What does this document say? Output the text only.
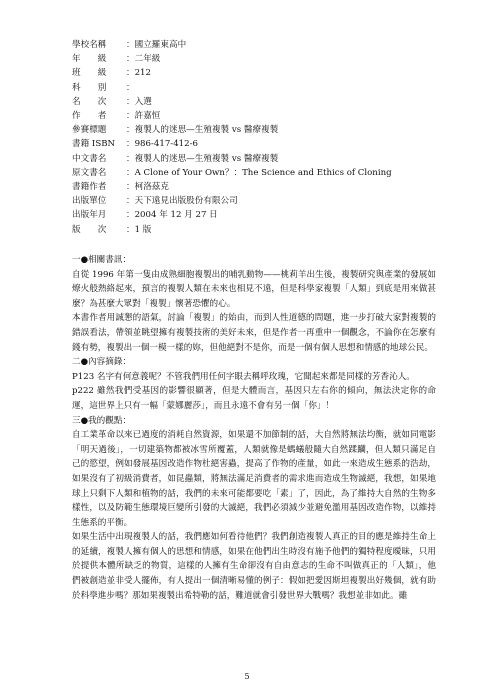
學校名稱	：國立羅東高中
年　　級	：二年級
班　　級	：212
科　　別	：
名　　次	：入選
作　　者	：許嘉恒
參賽標題	：複製人的迷思—生殖複製 vs 醫療複製
書籍 ISBN	：986-417-412-6
中文書名	：複製人的迷思—生殖複製 vs 醫療複製
原文書名	：A Clone of Your Own？：The Science and Ethics of Cloning
書籍作者	：柯洛茲克
出版單位	：天下遠見出版股份有限公司
出版年月	：2004 年 12 月 27 日
版　　次	：1 版
一●相關書訊：

自從 1996 年第一隻由成熟細胞複製出的哺乳動物——桃莉羊出生後，複製研究與產業的發展如燎火般熱絡起來，預言的複製人類在未來也相見不遠，但是科學家複製「人類」到底是用來做甚麼？為甚麼大眾對「複製」懷著恐懼的心。

本書作者用誠懇的語氣，討論「複製」的始由，而到人性道德的問題，進一步打破大家對複製的錯誤看法，帶領並眺望擁有複製技術的美好未來，但是作者一再重申一個觀念，不論你在怎麼有錢有勢，複製出一個一模一樣的妳，但他絕對不是你，而是一個有個人思想和情感的地球公民。

二●內容摘錄：

P123 名字有何意義呢？不管我們用任何字眼去稱呼玫瑰，它聞起來都是同樣的芳香沁人。

p222 雖然我們受基因的影響很顯著，但是大體而言，基因只左右你的傾向，無法決定你的命運，這世界上只有一幅「蒙娜麗莎」，而且永遠不會有另一個「你」！

三●我的觀點：

自工業革命以來已過度的消耗自然資源，如果還不加節制的話，大自然將無法均衡，就如同電影「明天過後」，一切建築物都被冰雪所覆蓋，人類就像是螞蟻般隨大自然蹂躪，但人類只滿足自己的慾望，例如發展基因改造作物杜絕害蟲，提高了作物的產量，如此一來造成生態系的浩劫，如果沒有了初級消費者，如昆蟲類，將無法滿足消費者的需求進而造成生物滅絕，我想，如果地球上只剩下人類和植物的話，我們的未來可能都要吃「素」了，因此，為了維持大自然的生物多樣性，以及防範生態環境巨變所引發的大滅絕，我們必須減少並避免濫用基因改造作物，以維持生態系的平衡。

如果生活中出現複製人的話，我們應如何看待他們？我們創造複製人真正的目的應是維持生命上的延續，複製人擁有個人的思想和情感，如果在他們出生時沒有施予他們的獨特程度曖昧，只用於提供本體所缺乏的物質，這樣的人擁有生命卻沒有自由意志的生命不叫做真正的「人類」，他們被創造並非受人擺佈，有人提出一個清晰易懂的例子：假如把愛因斯坦複製出好幾個，就有助於科學進步嗎？那如果複製出希特勒的話，難道就會引發世界大戰嗎？我想並非如此。雖

5
